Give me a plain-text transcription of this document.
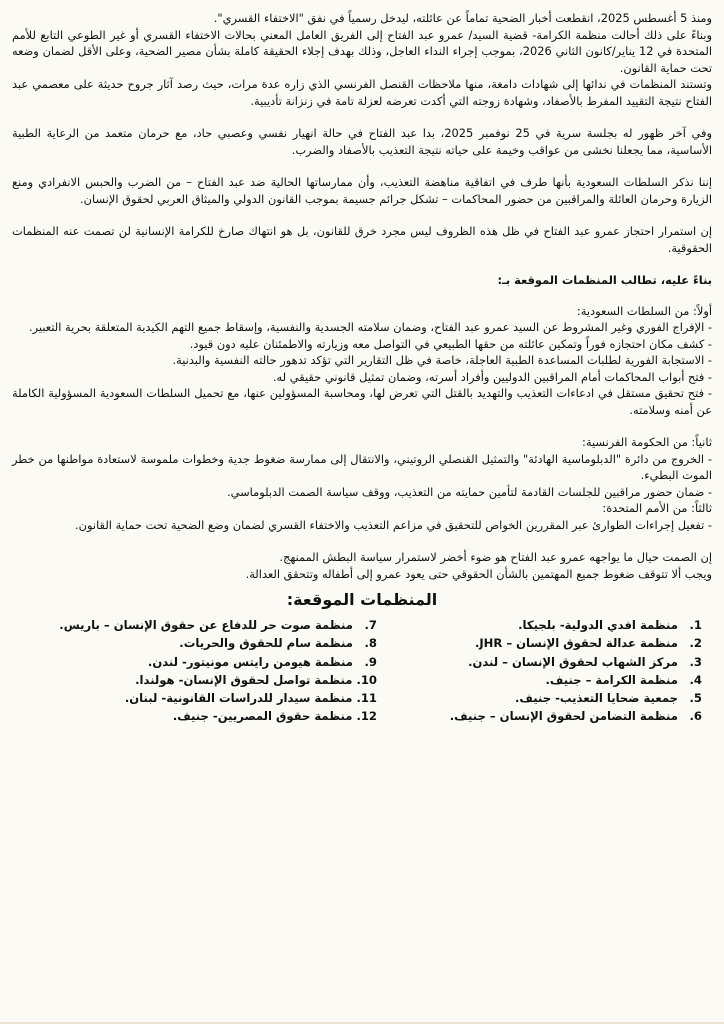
ومنذ 5 أغسطس 2025، انقطعت أخبار الضحية تماماً عن عائلته، ليدخل رسمياً في نفق "الاختفاء القسري".

وبناءً على ذلك أحالت منظمة الكرامة- قضية السيد/ عمرو عبد الفتاح إلى الفريق العامل المعني بحالات الاختفاء القسري أو غير الطوعي التابع للأمم المتحدة في 12 يناير/كانون الثاني 2026، بموجب إجراء النداء العاجل، وذلك بهدف إجلاء الحقيقة كاملة بشأن مصير الضحية، وعلى الأقل لضمان وضعه تحت حماية القانون.

وتستند المنظمات في ندائها إلى شهادات دامغة، منها ملاحظات القنصل الفرنسي الذي زاره عدة مرات، حيث رصد آثار جروح حديثة على معصمي عبد الفتاح نتيجة التقييد المفرط بالأصفاد، وشهادة زوجته التي أكدت تعرضه لعزلة تامة في زنزانة تأديبية.

وفي آخر ظهور له بجلسة سرية في 25 نوفمبر 2025، بدا عبد الفتاح في حالة انهيار نفسي وعصبي حاد، مع حرمان متعمد من الرعاية الطبية الأساسية، مما يجعلنا نخشى من عواقب وخيمة على حياته نتيجة التعذيب بالأصفاد والضرب.

إننا نذكر السلطات السعودية بأنها طرف في اتفاقية مناهضة التعذيب، وأن ممارساتها الحالية ضد عبد الفتاح – من الضرب والحبس الانفرادي ومنع الزيارة وحرمان العائلة والمراقبين من حضور المحاكمات – تشكل جرائم جسيمة بموجب القانون الدولي والميثاق العربي لحقوق الإنسان.

إن استمرار احتجاز عمرو عبد الفتاح في ظل هذه الظروف ليس مجرد خرق للقانون، بل هو انتهاك صارخ للكرامة الإنسانية لن تصمت عنه المنظمات الحقوقية.

بناءً عليه، تطالب المنظمات الموقعة بـ:

أولاً: من السلطات السعودية:

- الإفراج الفوري وغير المشروط عن السيد عمرو عبد الفتاح، وضمان سلامته الجسدية والنفسية، وإسقاط جميع التهم الكيدية المتعلقة بحرية التعبير.

- كشف مكان احتجازه فوراً وتمكين عائلته من حقها الطبيعي في التواصل معه وزيارته والاطمئنان عليه دون قيود.

- الاستجابة الفورية لطلبات المساعدة الطبية العاجلة، خاصة في ظل التقارير التي تؤكد تدهور حالته النفسية والبدنية.

- فتح أبواب المحاكمات أمام المراقبين الدوليين وأفراد أسرته، وضمان تمثيل قانوني حقيقي له.

- فتح تحقيق مستقل في ادعاءات التعذيب والتهديد بالقتل التي تعرض لها، ومحاسبة المسؤولين عنها، مع تحميل السلطات السعودية المسؤولية الكاملة عن أمنه وسلامته.

ثانياً: من الحكومة الفرنسية:

- الخروج من دائرة "الدبلوماسية الهادئة" والتمثيل القنصلي الروتيني، والانتقال إلى ممارسة ضغوط جدية وخطوات ملموسة لاستعادة مواطنها من خطر الموت البطيء.

- ضمان حضور مراقبين للجلسات القادمة لتأمين حمايته من التعذيب، ووقف سياسة الصمت الدبلوماسي.

ثالثاً: من الأمم المتحدة:

- تفعيل إجراءات الطوارئ عبر المقررين الخواص للتحقيق في مزاعم التعذيب والاختفاء القسري لضمان وضع الضحية تحت حماية القانون.

إن الصمت حيال ما يواجهه عمرو عبد الفتاح هو ضوء أخضر لاستمرار سياسة البطش الممنهج.

ويجب ألا تتوقف ضغوط جميع المهتمين بالشأن الحقوقي حتى يعود عمرو إلى أطفاله وتتحقق العدالة.

المنظمات الموقعة:
1. منظمة افدي الدولية- بلجيكا.
2. منظمة عدالة لحقوق الإنسان – JHR.
3. مركز الشهاب لحقوق الإنسان – لندن.
4. منظمة الكرامة – جنيف.
5. جمعية ضحايا التعذيب- جنيف.
6. منظمة التضامن لحقوق الإنسان – جنيف.
7. منظمة صوت حر للدفاع عن حقوق الإنسان – باريس.
8. منظمة سام للحقوق والحريات.
9. منظمة هيومن رايتس مونيتور- لندن.
10. منظمة تواصل لحقوق الإنسان- هولندا.
11. منظمة سيدار للدراسات القانونية- لبنان.
12. منظمة حقوق المصريين- جنيف.
